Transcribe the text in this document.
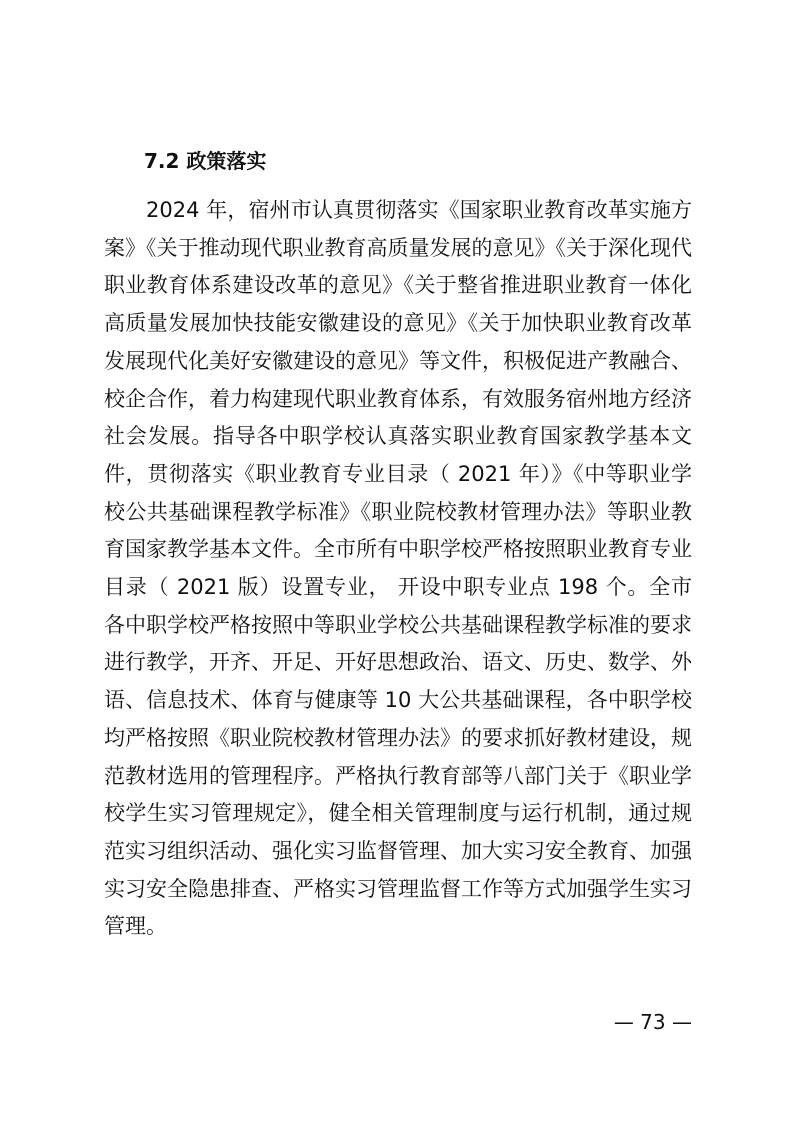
7.2 政策落实

2024 年，宿州市认真贯彻落实《国家职业教育改革实施方案》《关于推动现代职业教育高质量发展的意见》《关于深化现代职业教育体系建设改革的意见》《关于整省推进职业教育一体化 高质量发展加快技能安徽建设的意见》《关于加快职业教育改革发展现代化美好安徽建设的意见》等文件，积极促进产教融合、校企合作，着力构建现代职业教育体系，有效服务宿州地方经济社会发展。指导各中职学校认真落实职业教育国家教学基本文件，贯彻落实《职业教育专业目录（ 2021 年）》《中等职业学校公共基础课程教学标准》《职业院校教材管理办法》等职业教育国家教学基本文件。全市所有中职学校严格按照职业教育专业目录（ 2021 版）设置专业， 开设中职专业点 198 个。全市各中职学校严格按照中等职业学校公共基础课程教学标准的要求进行教学，开齐、开足、开好思想政治、语文、历史、数学、外语、信息技术、体育与健康等 10 大公共基础课程，各中职学校均严格按照《职业院校教材管理办法》的要求抓好教材建设，规范教材选用的管理程序。严格执行教育部等八部门关于《职业学校学生实习管理规定》，健全相关管理制度与运行机制，通过规范实习组织活动、强化实习监督管理、加大实习安全教育、加强实习安全隐患排查、严格实习管理监督工作等方式加强学生实习管理。

— 73 —
